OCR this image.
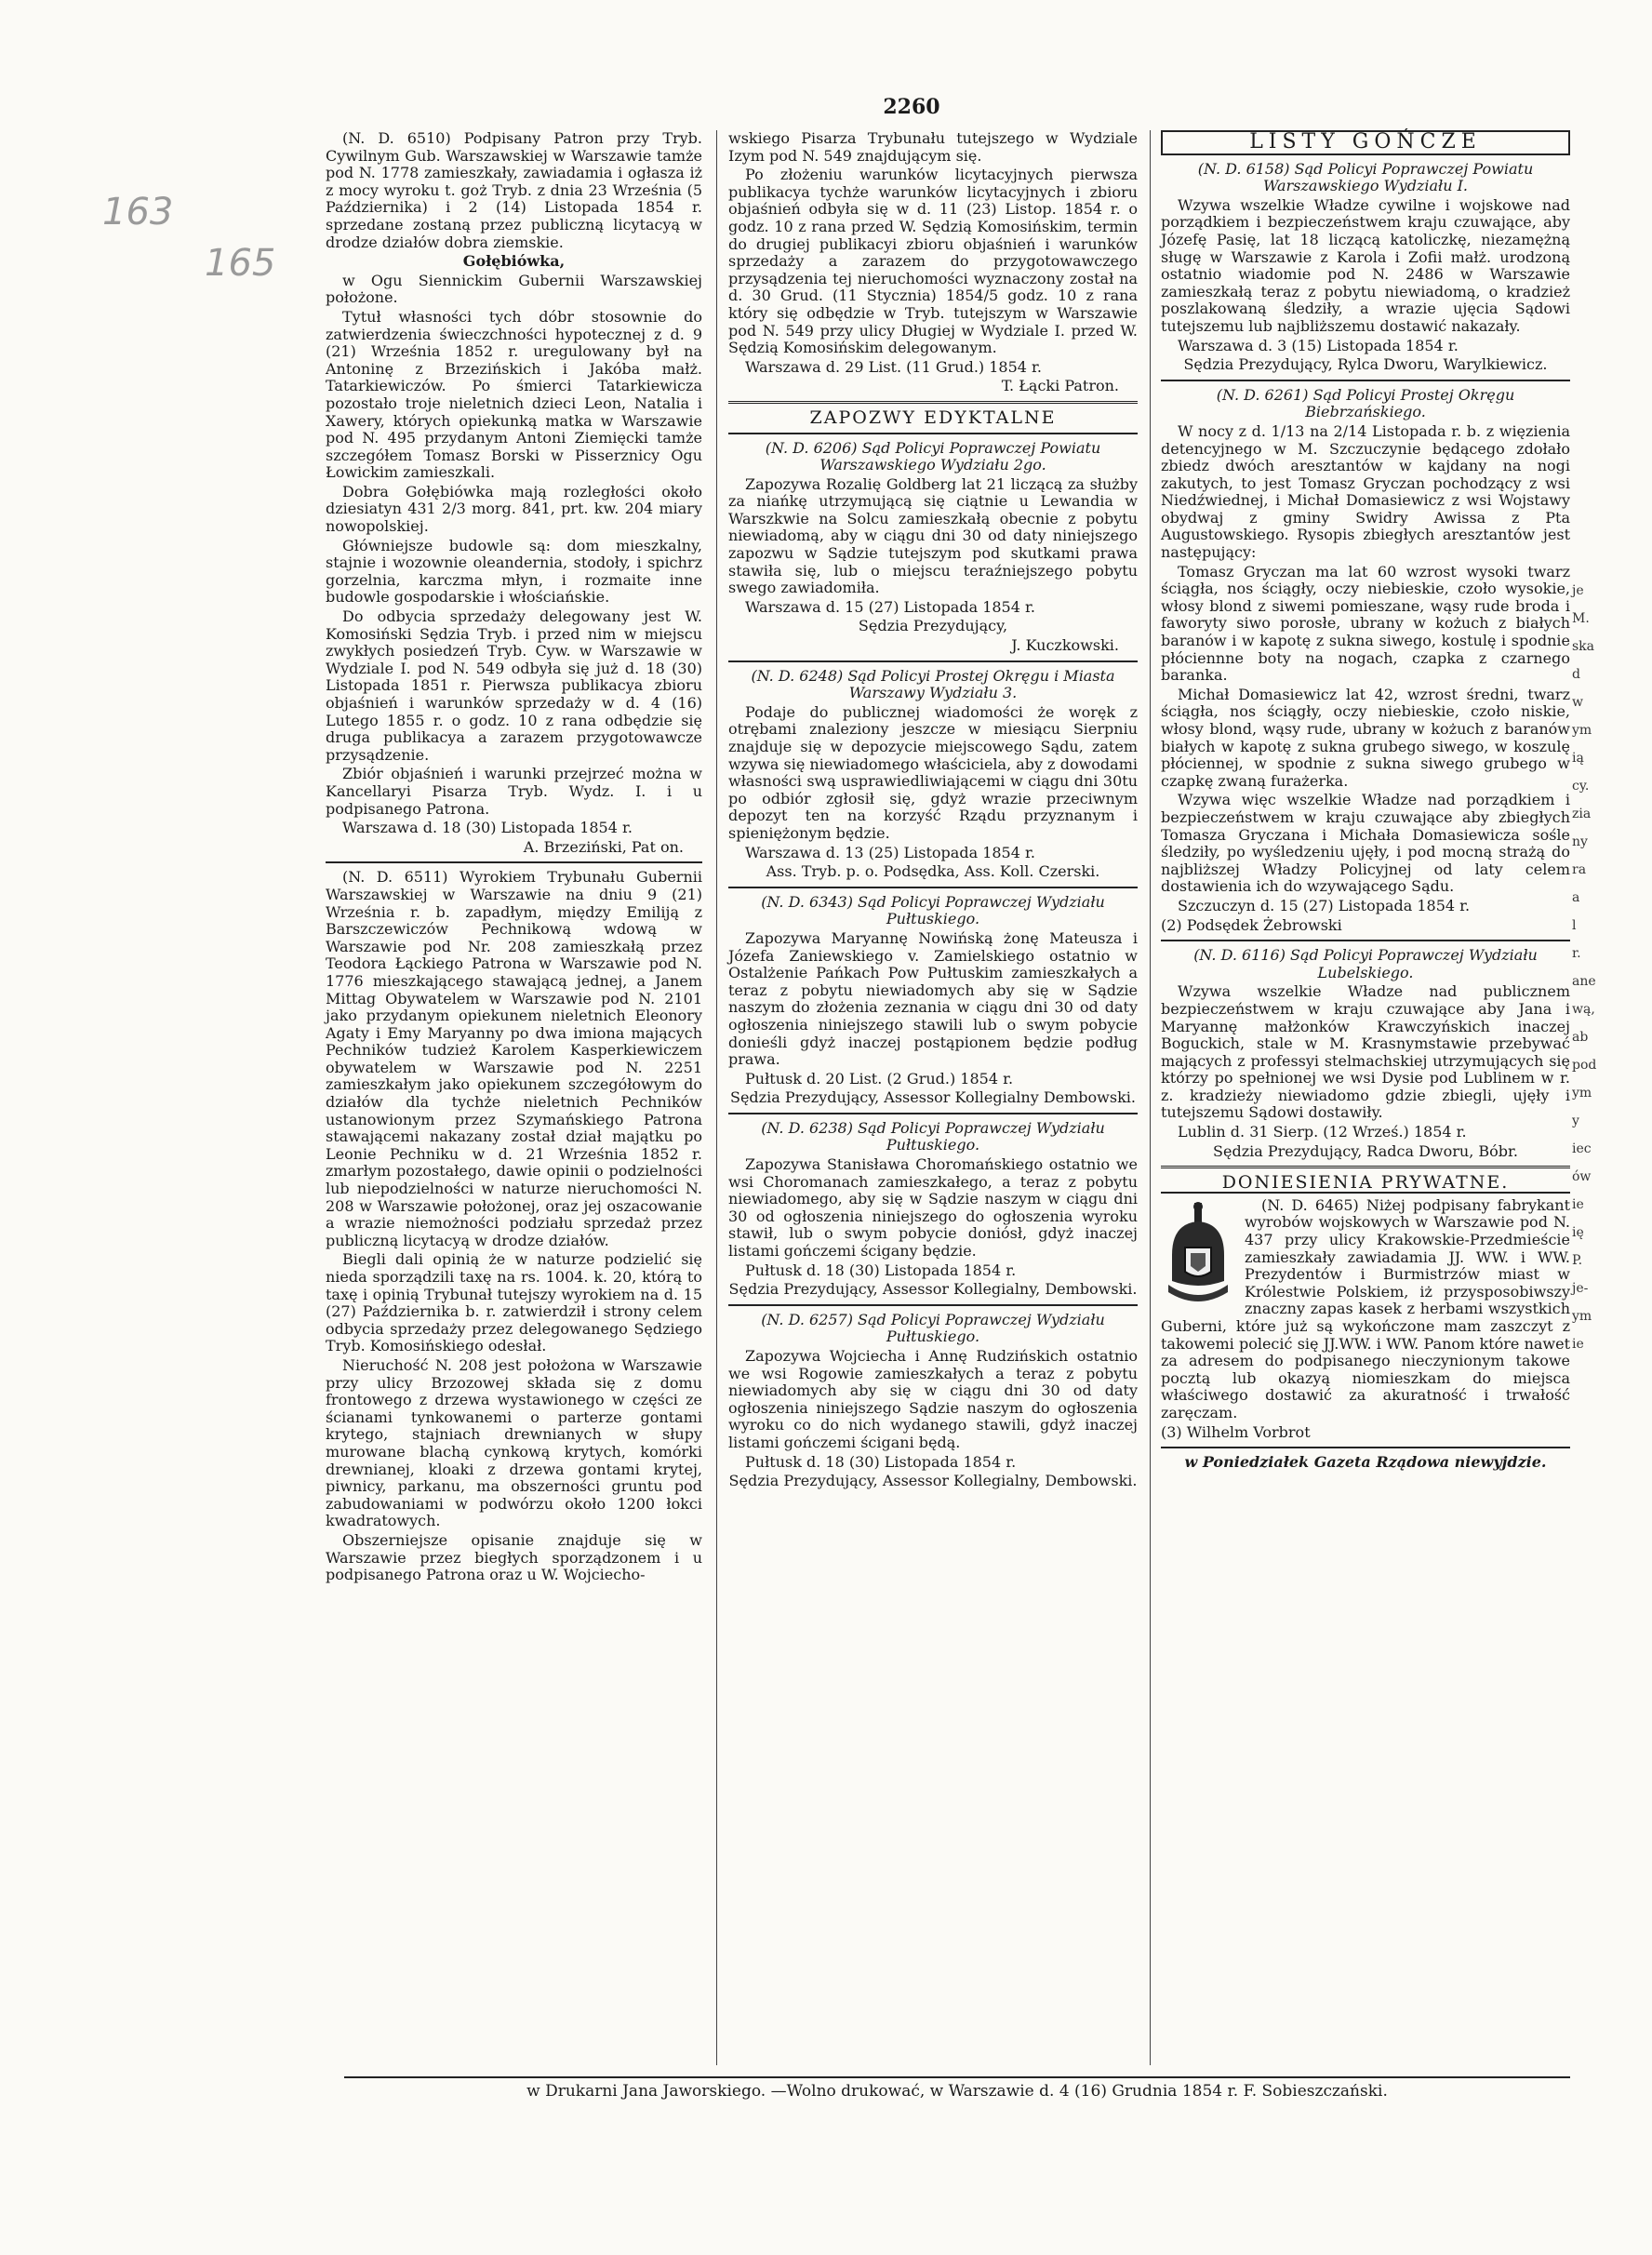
2260
163
165

(N. D. 6510) Podpisany Patron przy Tryb. Cywilnym Gub. Warszawskiej w Warszawie tamże pod N. 1778 zamieszkały, zawiadamia i ogłasza iż z mocy wyroku t. goż Tryb. z dnia 23 Września (5 Października) i 2 (14) Listopada 1854 r. sprzedane zostaną przez publiczną licytacyą w drodze działów dobra ziemskie.

Gołębiówka,

w Ogu Siennickim Gubernii Warszawskiej położone.

Tytuł własności tych dóbr stosownie do zatwierdzenia świeczchności hypotecznej z d. 9 (21) Września 1852 r. uregulowany był na Antoninę z Brzezińskich i Jakóba małż. Tatarkiewiczów. Po śmierci Tatarkiewicza pozostało troje nieletnich dzieci Leon, Natalia i Xawery, których opiekunką matka w Warszawie pod N. 495 przydanym Antoni Ziemięcki tamże szczegółem Tomasz Borski w Pisserznicy Ogu Łowickim zamieszkali.

Dobra Gołębiówka mają rozległości około dziesiatyn 431 2/3 morg. 841, prt. kw. 204 miary nowopolskiej.

Główniejsze budowle są: dom mieszkalny, stajnie i wozownie oleandernia, stodoły, i spichrz gorzelnia, karczma młyn, i rozmaite inne budowle gospodarskie i włościańskie.

Do odbycia sprzedaży delegowany jest W. Komosiński Sędzia Tryb. i przed nim w miejscu zwykłych posiedzeń Tryb. Cyw. w Warszawie w Wydziale I. pod N. 549 odbyła się już d. 18 (30) Listopada 1851 r. Pierwsza publikacya zbioru objaśnień i warunków sprzedaży w d. 4 (16) Lutego 1855 r. o godz. 10 z rana odbędzie się druga publikacya a zarazem przygotowawcze przysądzenie.

Zbiór objaśnień i warunki przejrzeć można w Kancellaryi Pisarza Tryb. Wydz. I. i u podpisanego Patrona.

Warszawa d. 18 (30) Listopada 1854 r.

A. Brzeziński, Pat on.

(N. D. 6511) Wyrokiem Trybunału Gubernii Warszawskiej w Warszawie na dniu 9 (21) Września r. b. zapadłym, między Emiliją z Barszczewiczów Pechnikową wdową w Warszawie pod Nr. 208 zamieszkałą przez Teodora Łąckiego Patrona w Warszawie pod N. 1776 mieszkającego stawającą jednej, a Janem Mittag Obywatelem w Warszawie pod N. 2101 jako przydanym opiekunem nieletnich Eleonory Agaty i Emy Maryanny po dwa imiona mających Pechników tudzież Karolem Kasperkiewiczem obywatelem w Warszawie pod N. 2251 zamieszkałym jako opiekunem szczegółowym do działów dla tychże nieletnich Pechników ustanowionym przez Szymańskiego Patrona stawającemi nakazany został dział majątku po Leonie Pechniku w d. 21 Września 1852 r. zmarłym pozostałego, dawie opinii o podzielności lub niepodzielności w naturze nieruchomości N. 208 w Warszawie położonej, oraz jej oszacowanie a wrazie niemożności podziału sprzedaż przez publiczną licytacyą w drodze działów.

Biegli dali opinią że w naturze podzielić się nieda sporządzili taxę na rs. 1004. k. 20, którą to taxę i opinią Trybunał tutejszy wyrokiem na d. 15 (27) Października b. r. zatwierdził i strony celem odbycia sprzedaży przez delegowanego Sędziego Tryb. Komosińskiego odesłał.

Nieruchość N. 208 jest położona w Warszawie przy ulicy Brzozowej składa się z domu frontowego z drzewa wystawionego w części ze ścianami tynkowanemi o parterze gontami krytego, stajniach drewnianych w słupy murowane blachą cynkową krytych, komórki drewnianej, kloaki z drzewa gontami krytej, piwnicy, parkanu, ma obszerności gruntu pod zabudowaniami w podwórzu około 1200 łokci kwadratowych.

Obszerniejsze opisanie znajduje się w Warszawie przez biegłych sporządzonem i u podpisanego Patrona oraz u W. Wojciecho-

wskiego Pisarza Trybunału tutejszego w Wydziale Izym pod N. 549 znajdującym się.

Po złożeniu warunków licytacyjnych pierwsza publikacya tychże warunków licytacyjnych i zbioru objaśnień odbyła się w d. 11 (23) Listop. 1854 r. o godz. 10 z rana przed W. Sędzią Komosińskim, termin do drugiej publikacyi zbioru objaśnień i warunków sprzedaży a zarazem do przygotowawczego przysądzenia tej nieruchomości wyznaczony został na d. 30 Grud. (11 Stycznia) 1854/5 godz. 10 z rana który się odbędzie w Tryb. tutejszym w Warszawie pod N. 549 przy ulicy Długiej w Wydziale I. przed W. Sędzią Komosińskim delegowanym.

Warszawa d. 29 List. (11 Grud.) 1854 r.

T. Łącki Patron.

ZAPOZWY EDYKTALNE

(N. D. 6206) Sąd Policyi Poprawczej Powiatu Warszawskiego Wydziału 2go.

Zapozywa Rozalię Goldberg lat 21 liczącą za służby za niańkę utrzymującą się ciątnie u Lewandia w Warszkwie na Solcu zamieszkałą obecnie z pobytu niewiadomą, aby w ciągu dni 30 od daty niniejszego zapozwu w Sądzie tutejszym pod skutkami prawa stawiła się, lub o miejscu teraźniejszego pobytu swego zawiadomiła.

Warszawa d. 15 (27) Listopada 1854 r.

Sędzia Prezydujący,

J. Kuczkowski.

(N. D. 6248) Sąd Policyi Prostej Okręgu i Miasta Warszawy Wydziału 3.

Podaje do publicznej wiadomości że woręk z otrębami znaleziony jeszcze w miesiącu Sierpniu znajduje się w depozycie miejscowego Sądu, zatem wzywa się niewiadomego właściciela, aby z dowodami własności swą usprawiedliwiającemi w ciągu dni 30tu po odbiór zgłosił się, gdyż wrazie przeciwnym depozyt ten na korzyść Rządu przyznanym i spieniężonym będzie.

Warszawa d. 13 (25) Listopada 1854 r.

Ass. Tryb. p. o. Podsędka, Ass. Koll. Czerski.

(N. D. 6343) Sąd Policyi Poprawczej Wydziału Pułtuskiego.

Zapozywa Maryannę Nowińską żonę Mateusza i Józefa Zaniewskiego v. Zamielskiego ostatnio w Ostalżenie Pańkach Pow Pułtuskim zamieszkałych a teraz z pobytu niewiadomych aby się w Sądzie naszym do złożenia zeznania w ciągu dni 30 od daty ogłoszenia niniejszego stawili lub o swym pobycie donieśli gdyż inaczej postąpionem będzie podług prawa.

Pułtusk d. 20 List. (2 Grud.) 1854 r.

Sędzia Prezydujący, Assessor Kollegialny Dembowski.

(N. D. 6238) Sąd Policyi Poprawczej Wydziału Pułtuskiego.

Zapozywa Stanisława Choromańskiego ostatnio we wsi Choromanach zamieszkałego, a teraz z pobytu niewiadomego, aby się w Sądzie naszym w ciągu dni 30 od ogłoszenia niniejszego do ogłoszenia wyroku stawił, lub o swym pobycie doniósł, gdyż inaczej listami gończemi ścigany będzie.

Pułtusk d. 18 (30) Listopada 1854 r.

Sędzia Prezydujący, Assessor Kollegialny, Dembowski.

(N. D. 6257) Sąd Policyi Poprawczej Wydziału Pułtuskiego.

Zapozywa Wojciecha i Annę Rudzińskich ostatnio we wsi Rogowie zamieszkałych a teraz z pobytu niewiadomych aby się w ciągu dni 30 od daty ogłoszenia niniejszego Sądzie naszym do ogłoszenia wyroku co do nich wydanego stawili, gdyż inaczej listami gończemi ścigani będą.

Pułtusk d. 18 (30) Listopada 1854 r.

Sędzia Prezydujący, Assessor Kollegialny, Dembowski.

LISTY GOŃCZE

(N. D. 6158) Sąd Policyi Poprawczej Powiatu Warszawskiego Wydziału I.

Wzywa wszelkie Władze cywilne i wojskowe nad porządkiem i bezpieczeństwem kraju czuwające, aby Józefę Pasię, lat 18 liczącą katoliczkę, niezamężną sługę w Warszawie z Karola i Zofii małż. urodzoną ostatnio wiadomie pod N. 2486 w Warszawie zamieszkałą teraz z pobytu niewiadomą, o kradzież poszlakowaną śledziły, a wrazie ujęcia Sądowi tutejszemu lub najbliższemu dostawić nakazały.

Warszawa d. 3 (15) Listopada 1854 r.

Sędzia Prezydujący, Rylca Dworu, Warylkiewicz.

(N. D. 6261) Sąd Policyi Prostej Okręgu Biebrzańskiego.

W nocy z d. 1/13 na 2/14 Listopada r. b. z więzienia detencyjnego w M. Szczuczynie będącego zdołało zbiedz dwóch aresztantów w kajdany na nogi zakutych, to jest Tomasz Gryczan pochodzący z wsi Niedźwiednej, i Michał Domasiewicz z wsi Wojstawy obydwaj z gminy Swidry Awissa z Pta Augustowskiego. Rysopis zbiegłych aresztantów jest następujący:

Tomasz Gryczan ma lat 60 wzrost wysoki twarz ściągła, nos ściągły, oczy niebieskie, czoło wysokie, włosy blond z siwemi pomieszane, wąsy rude broda i faworyty siwo porosłe, ubrany w kożuch z białych baranów i w kapotę z sukna siwego, kostulę i spodnie płóciennne boty na nogach, czapka z czarnego baranka.

Michał Domasiewicz lat 42, wzrost średni, twarz ściągła, nos ściągły, oczy niebieskie, czoło niskie, włosy blond, wąsy rude, ubrany w kożuch z baranów białych w kapotę z sukna grubego siwego, w koszulę płóciennej, w spodnie z sukna siwego grubego w czapkę zwaną furażerka.

Wzywa więc wszelkie Władze nad porządkiem i bezpieczeństwem w kraju czuwające aby zbiegłych Tomasza Gryczana i Michała Domasiewicza sośle śledziły, po wyśledzeniu ujęły, i pod mocną strażą do najbliższej Władzy Policyjnej od laty celem dostawienia ich do wzywającego Sądu.

Szczuczyn d. 15 (27) Listopada 1854 r.

(2) Podsędek Żebrowski

(N. D. 6116) Sąd Policyi Poprawczej Wydziału Lubelskiego.

Wzywa wszelkie Władze nad publicznem bezpieczeństwem w kraju czuwające aby Jana i Maryannę małżonków Krawczyńskich inaczej Boguckich, stale w M. Krasnymstawie przebywać mających z professyi stelmachskiej utrzymujących się którzy po spełnionej we wsi Dysie pod Lublinem w r. z. kradzieży niewiadomo gdzie zbiegli, ujęły i tutejszemu Sądowi dostawiły.

Lublin d. 31 Sierp. (12 Wrześ.) 1854 r.

Sędzia Prezydujący, Radca Dworu, Bóbr.

DONIESIENIA PRYWATNE.

(N. D. 6465) Niżej podpisany fabrykant wyrobów wojskowych w Warszawie pod N. 437 przy ulicy Krakowskie-Przedmieście zamieszkały zawiadamia JJ. WW. i WW. Prezydentów i Burmistrzów miast w Królestwie Polskiem, iż przysposobiwszy znaczny zapas kasek z herbami wszystkich Guberni, które już są wykończone mam zaszczyt z takowemi polecić się JJ.WW. i WW. Panom które nawet za adresem do podpisanego nieczynionym takowe pocztą lub okazyą niomieszkam do miejsca właściwego dostawić za akuratność i trwałość zaręczam.

(3) Wilhelm Vorbrot

w Poniedziałek Gazeta Rządowa niewyjdzie.

w Drukarni Jana Jaworskiego. —Wolno drukować, w Warszawie d. 4 (16) Grudnia 1854 r. F. Sobieszczański.
je
M.
ska
d
w
ym
ią
cy.
zia
ny
ra
a
l
r.
ane
wą,
ab
pod
ym
y
iec
ów
ie
ię
P.
je-
ym
ie
